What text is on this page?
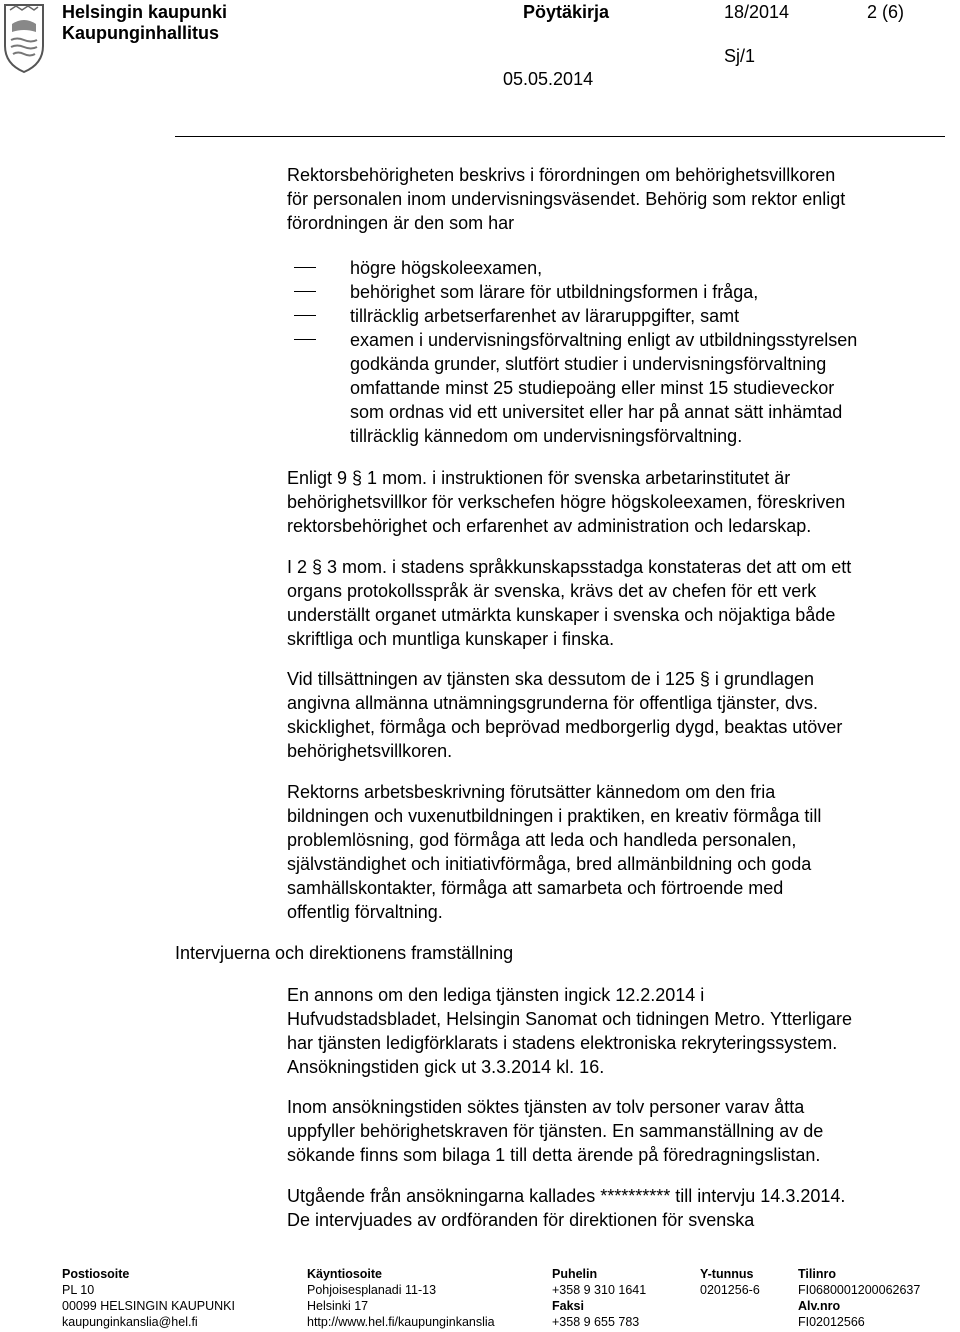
Helsingin kaupunki
Kaupunginhallitus
Pöytäkirja	18/2014	2 (6)
Sj/1
05.05.2014
Rektorsbehörigheten beskrivs i förordningen om behörighetsvillkoren
för personalen inom undervisningsväsendet. Behörig som rektor enligt
förordningen är den som har
högre högskoleexamen,
behörighet som lärare för utbildningsformen i fråga,
tillräcklig arbetserfarenhet av läraruppgifter, samt
examen i undervisningsförvaltning enligt av utbildningsstyrelsen
godkända grunder, slutfört studier i undervisningsförvaltning
omfattande minst 25 studiepoäng eller minst 15 studieveckor
som ordnas vid ett universitet eller har på annat sätt inhämtad
tillräcklig kännedom om undervisningsförvaltning.
Enligt 9 § 1 mom. i instruktionen för svenska arbetarinstitutet är
behörighetsvillkor för verkschefen högre högskoleexamen, föreskriven
rektorsbehörighet och erfarenhet av administration och ledarskap.
I 2 § 3 mom. i stadens språkkunskapsstadga konstateras det att om ett
organs protokollsspråk är svenska, krävs det av chefen för ett verk
underställt organet utmärkta kunskaper i svenska och nöjaktiga både
skriftliga och muntliga kunskaper i finska.
Vid tillsättningen av tjänsten ska dessutom de i 125 § i grundlagen
angivna allmänna utnämningsgrunderna för offentliga tjänster, dvs.
skicklighet, förmåga och beprövad medborgerlig dygd, beaktas utöver
behörighetsvillkoren.
Rektorns arbetsbeskrivning förutsätter kännedom om den fria
bildningen och vuxenutbildningen i praktiken, en kreativ förmåga till
problemlösning, god förmåga att leda och handleda personalen,
självständighet och initiativförmåga, bred allmänbildning och goda
samhällskontakter, förmåga att samarbeta och förtroende med
offentlig förvaltning.
Intervjuerna och direktionens framställning
En annons om den lediga tjänsten ingick 12.2.2014 i
Hufvudstadsbladet, Helsingin Sanomat och tidningen Metro. Ytterligare
har tjänsten ledigförklarats i stadens elektroniska rekryteringssystem.
Ansökningstiden gick ut 3.3.2014 kl. 16.
Inom ansökningstiden söktes tjänsten av tolv personer varav åtta
uppfyller behörighetskraven för tjänsten. En sammanställning av de
sökande finns som bilaga 1 till detta ärende på föredragningslistan.
Utgående från ansökningarna kallades ********** till intervju 14.3.2014.
De intervjuades av ordföranden för direktionen för svenska
Postiosoite
PL 10
00099 HELSINGIN KAUPUNKI
kaupunginkanslia@hel.fi
Käyntiosoite
Pohjoisesplanadi 11-13
Helsinki 17
http://www.hel.fi/kaupunginkanslia
Puhelin
+358 9 310 1641
Faksi
+358 9 655 783
Y-tunnus
0201256-6
Tilinro
FI0680001200062637
Alv.nro
FI02012566
